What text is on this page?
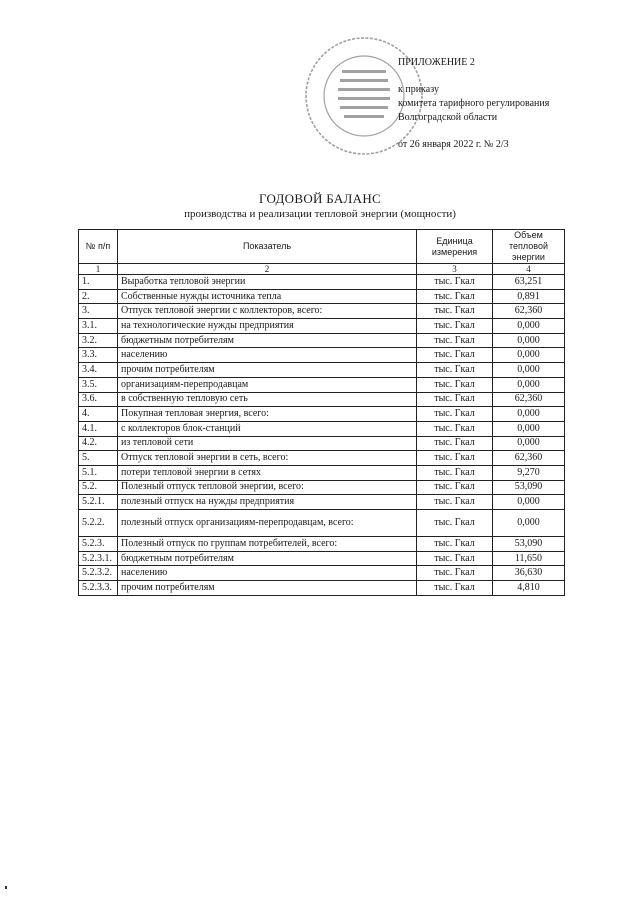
ПРИЛОЖЕНИЕ 2
к приказу
комитета тарифного регулирования
Волгоградской области
от 26 января 2022 г. № 2/3
ГОДОВОЙ БАЛАНС
производства и реализации тепловой энергии (мощности)
№ п/п	Показатель	Единица измерения	Объем тепловой энергии
1	2	3	4
1.	Выработка тепловой энергии	тыс. Гкал	63,251
2.	Собственные нужды источника тепла	тыс. Гкал	0,891
3.	Отпуск тепловой энергии с коллекторов, всего:	тыс. Гкал	62,360
3.1.	на технологические нужды предприятия	тыс. Гкал	0,000
3.2.	бюджетным потребителям	тыс. Гкал	0,000
3.3.	населению	тыс. Гкал	0,000
3.4.	прочим потребителям	тыс. Гкал	0,000
3.5.	организациям-перепродавцам	тыс. Гкал	0,000
3.6.	в собственную тепловую сеть	тыс. Гкал	62,360
4.	Покупная тепловая энергия, всего:	тыс. Гкал	0,000
4.1.	с коллекторов блок-станций	тыс. Гкал	0,000
4.2.	из тепловой сети	тыс. Гкал	0,000
5.	Отпуск тепловой энергии в сеть, всего:	тыс. Гкал	62,360
5.1.	потери тепловой энергии в сетях	тыс. Гкал	9,270
5.2.	Полезный отпуск тепловой энергии, всего:	тыс. Гкал	53,090
5.2.1.	полезный отпуск на нужды предприятия	тыс. Гкал	0,000
5.2.2.	полезный отпуск организациям-перепродавцам, всего:	тыс. Гкал	0,000
5.2.3.	Полезный отпуск по группам потребителей, всего:	тыс. Гкал	53,090
5.2.3.1.	бюджетным потребителям	тыс. Гкал	11,650
5.2.3.2.	населению	тыс. Гкал	36,630
5.2.3.3.	прочим потребителям	тыс. Гкал	4,810
